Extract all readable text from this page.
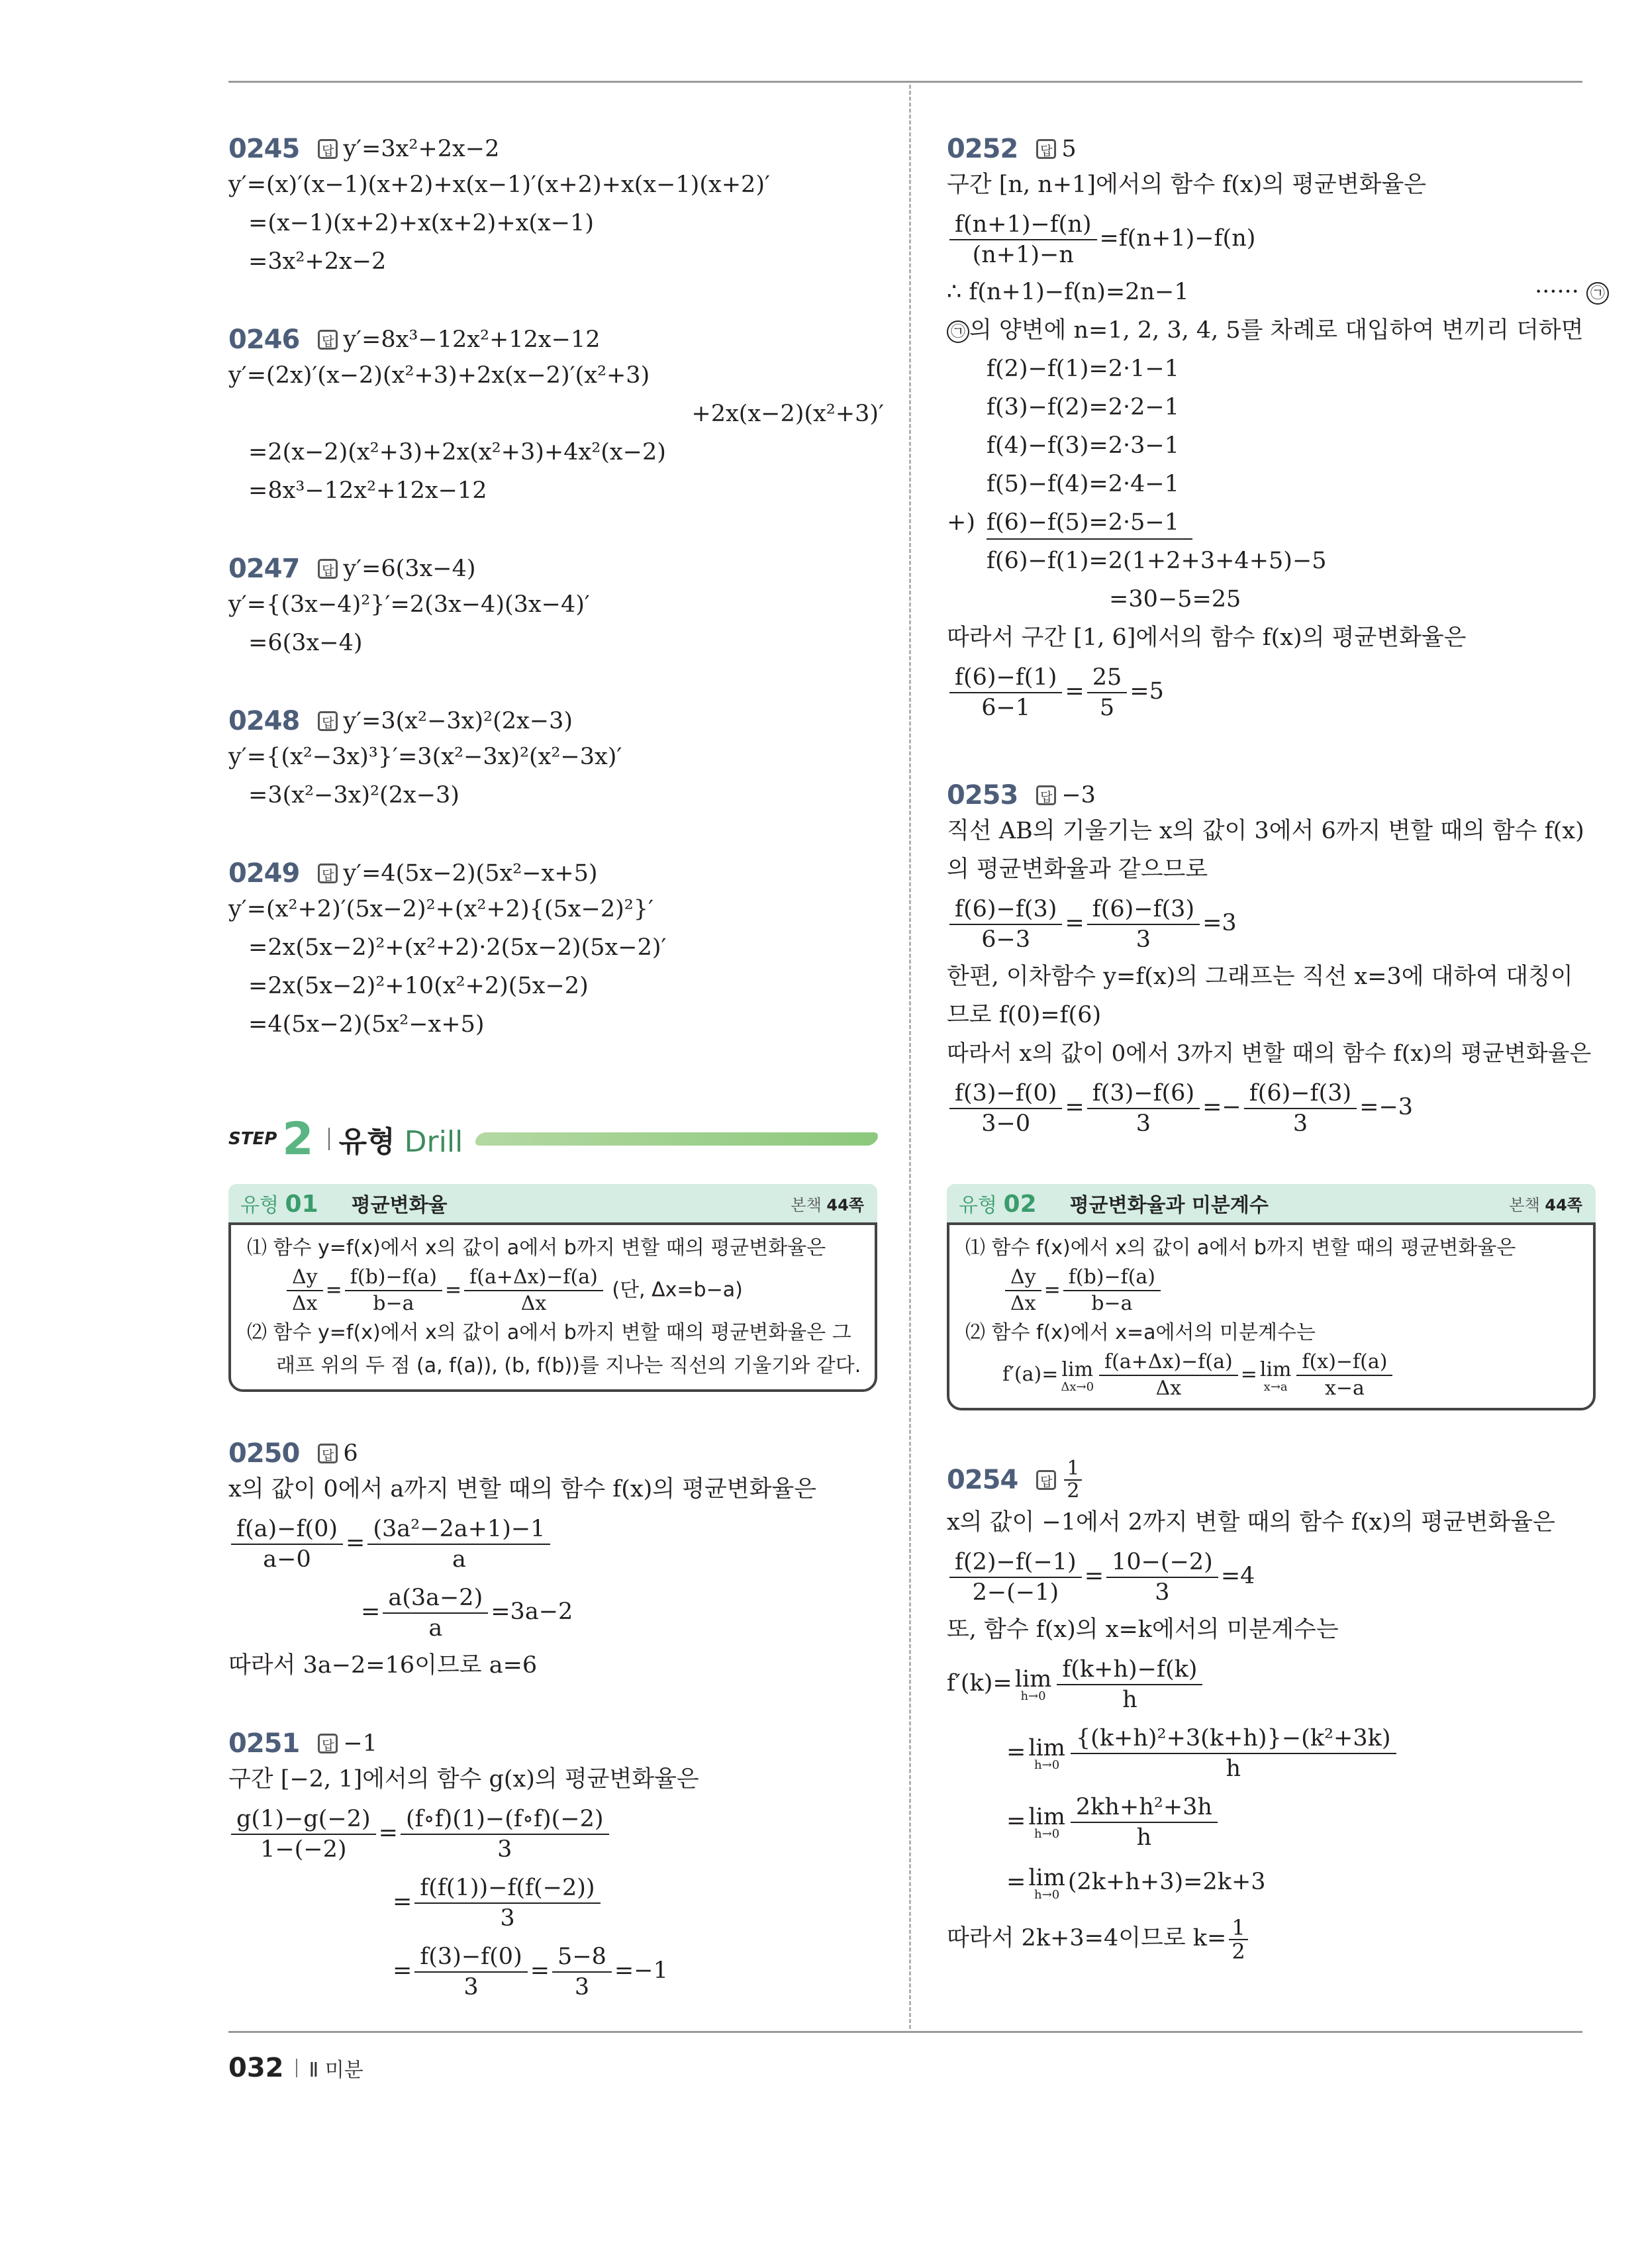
0245	답 y′=3x²+2x−2
y′=(x)′(x−1)(x+2)+x(x−1)′(x+2)+x(x−1)(x+2)′
=(x−1)(x+2)+x(x+2)+x(x−1)
=3x²+2x−2
0246	답 y′=8x³−12x²+12x−12
y′=(2x)′(x−2)(x²+3)+2x(x−2)′(x²+3)
+2x(x−2)(x²+3)′
=2(x−2)(x²+3)+2x(x²+3)+4x²(x−2)
=8x³−12x²+12x−12
0247	답 y′=6(3x−4)
y′={(3x−4)²}′=2(3x−4)(3x−4)′
=6(3x−4)
0248	답 y′=3(x²−3x)²(2x−3)
y′={(x²−3x)³}′=3(x²−3x)²(x²−3x)′
=3(x²−3x)²(2x−3)
0249	답 y′=4(5x−2)(5x²−x+5)
y′=(x²+2)′(5x−2)²+(x²+2){(5x−2)²}′
=2x(5x−2)²+(x²+2)·2(5x−2)(5x−2)′
=2x(5x−2)²+10(x²+2)(5x−2)
=4(5x−2)(5x²−x+5)
STEP 2 유형 Drill
유형 01 평균변화율	본책 44쪽
⑴ 함수 y=f(x)에서 x의 값이 a에서 b까지 변할 때의 평균변화율은
$\frac{\Delta y}{\Delta x} = \frac{f(b)-f(a)}{b-a} = \frac{f(a+\Delta x)-f(a)}{\Delta x}$ (단, Δx=b−a)
⑵ 함수 y=f(x)에서 x의 값이 a에서 b까지 변할 때의 평균변화율은 그
래프 위의 두 점 (a, f(a)), (b, f(b))를 지나는 직선의 기울기와 같다.
0250	답 6
x의 값이 0에서 a까지 변할 때의 함수 f(x)의 평균변화율은
$\frac{f(a)-f(0)}{a-0} = \frac{\text{(3a²−2a+1)−1}}{a}$
= $\frac{a(3a-2)}{a} =3a-2$
따라서 3a−2=16이므로 a=6
0251	답 −1
구간 [−2, 1]에서의 함수 g(x)의 평균변화율은
$\frac{g(1)-g(-2)}{1-(-2)} = \frac{(f\circ f)(1)-(f\circ f)(-2)}{3}$
= $\frac{f(f(1))-f(f(-2))}{3}$
= $\frac{f(3)-f(0)}{3} = \frac{5-8}{3} =-1$
0252	답 5
구간 [n, n+1]에서의 함수 f(x)의 평균변화율은
$\frac{f(n+1)-f(n)}{(n+1)-n} =f(n+1)-f(n)$
∴ f(n+1)−f(n)=2n−1	······ ㉠
㉠ 의 양변에 n=1, 2, 3, 4, 5를 차례로 대입하여 변끼리 더하면
f(2)−f(1)=2·1−1
f(3)−f(2)=2·2−1
f(4)−f(3)=2·3−1
f(5)−f(4)=2·4−1
+) f(6)−f(5)=2·5−1
f(6)−f(1)=2(1+2+3+4+5)−5
=30−5=25
따라서 구간 [1, 6]에서의 함수 f(x)의 평균변화율은
$\frac{f(6)-f(1)}{6-1} = \frac{25}{5} =5$
0253	답 −3
직선 AB의 기울기는 x의 값이 3에서 6까지 변할 때의 함수 f(x)
의 평균변화율과 같으므로
$\frac{f(6)-f(3)}{6-3} = \frac{f(6)-f(3)}{3} =3$
한편, 이차함수 y=f(x)의 그래프는 직선 x=3에 대하여 대칭이
므로 f(0)=f(6)
따라서 x의 값이 0에서 3까지 변할 때의 함수 f(x)의 평균변화율은
$\frac{f(3)-f(0)}{3-0} = \frac{f(3)-f(6)}{3} =- \frac{f(6)-f(3)}{3} =-3$
유형 02 평균변화율과 미분계수	본책 44쪽
⑴ 함수 f(x)에서 x의 값이 a에서 b까지 변할 때의 평균변화율은
$\frac{\Delta y}{\Delta x} = \frac{f(b)-f(a)}{b-a}$
⑵ 함수 f(x)에서 x=a에서의 미분계수는
f′(a)= lim
$\Delta x\to 0 \frac{f(a+\Delta x)-f(a)}{\Delta x} = \lim$
$x\to a \frac{f(x)-f(a)}{x-a}$
0254	답 $\frac{1}{2}$
x의 값이 −1에서 2까지 변할 때의 함수 f(x)의 평균변화율은
$\frac{f(2)-f(-1)}{2-(-1)} = \frac{10-(-2)}{3} =4$
또, 함수 f(x)의 x=k에서의 미분계수는
f′(k)= lim
$h\to 0 \frac{f(k+h)-f(k)}{h}$
= lim
$h\to 0 \frac{\text{\{(k+h)²+3(k+h)\}−(k²+3k)}}{h}$
= lim
$h\to 0 \frac{\text{2kh+h²+3h}}{h}$
= lim
h→0 (2k+h+3)=2k+3
따라서 2k+3=4이므로 $k= \frac{1}{2}$
032 Ⅱ 미분
